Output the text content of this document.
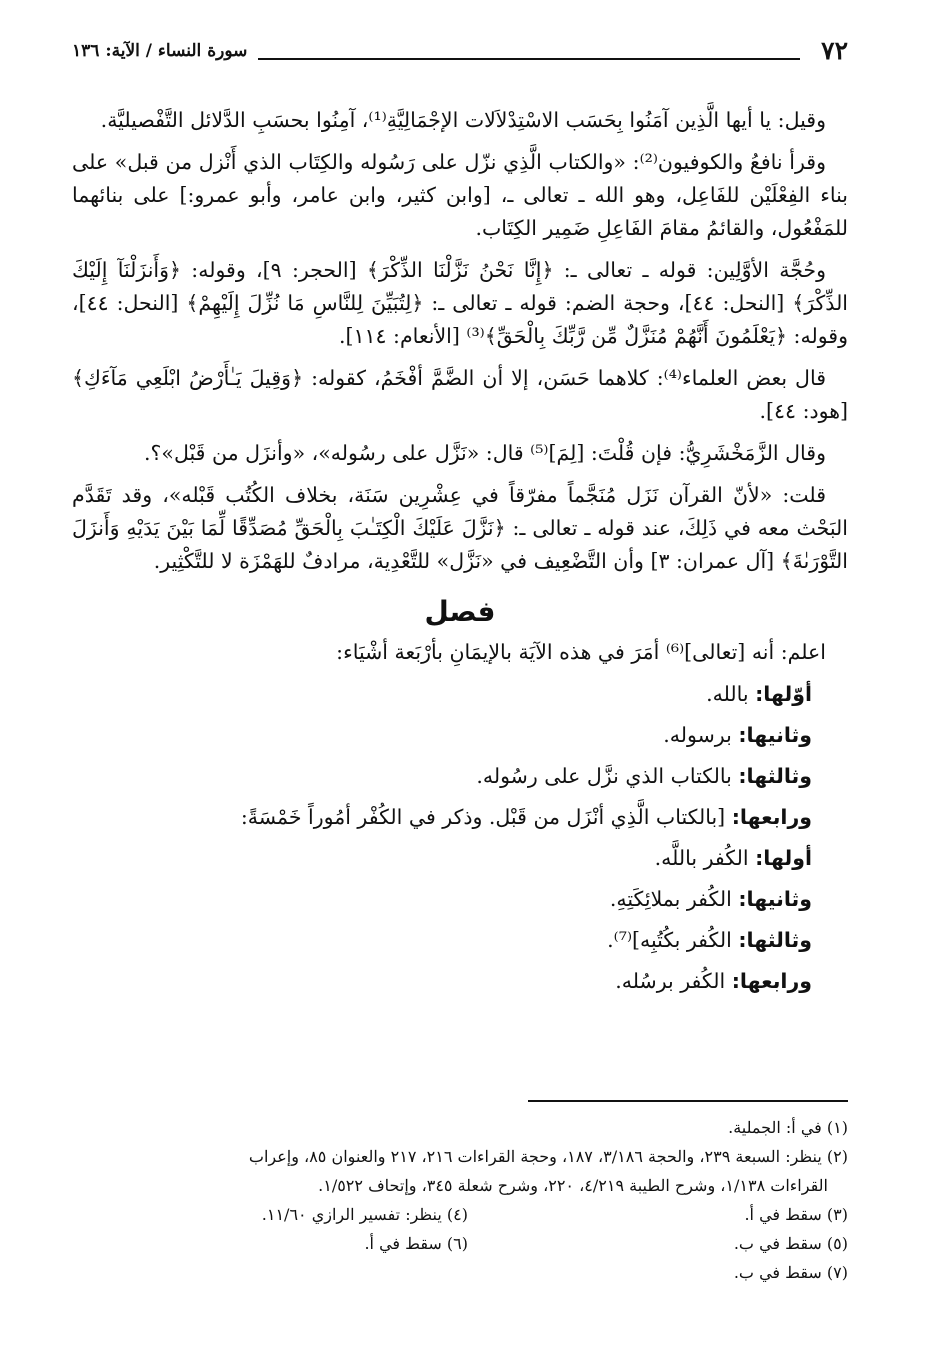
٧٢
سورة النساء / الآية: ١٣٦

وقيل: يا أيها الَّذِين آمَنُوا بِحَسَب الاسْتِدْلاَلات الإجْمَالِيَّةِ⁽¹⁾، آمِنُوا بحسَبِ الدَّلائل التَّفْصيليَّة.

وقرأ نافعُ والكوفيون⁽²⁾: «والكتاب الَّذِي نزّل على رَسُوله والكِتَاب الذي أَنْزل من قبل» على بناء الفِعْلَيْن للفَاعِل، وهو الله ـ تعالى ـ، [وابن كثير، وابن عامر، وأبو عمرو:] على بنائهما للمَفْعُول، والقائمُ مقامَ الفَاعِلِ ضَمِير الكِتَاب.

وحُجَّة الأوَّلِين: قوله ـ تعالى ـ: ﴿إِنَّا نَحْنُ نَزَّلْنَا الذِّكْرَ﴾ [الحجر: ٩]، وقوله: ﴿وَأَنزَلْنَآ إِلَيْكَ الذِّكْرَ﴾ [النحل: ٤٤]، وحجة الضم: قوله ـ تعالى ـ: ﴿لِتُبَيِّنَ لِلنَّاسِ مَا نُزِّلَ إِلَيْهِمْ﴾ [النحل: ٤٤]، وقوله: ﴿يَعْلَمُونَ أَنَّهُمْ مُنَزَّلٌ مِّن رَّبِّكَ بِالْحَقِّ﴾⁽³⁾ [الأنعام: ١١٤].

قال بعض العلماء⁽⁴⁾: كلاهما حَسَن، إلا أن الضَّمَّ أفْخَمُ، كقوله: ﴿وَقِيلَ يَـٰأَرْضُ ابْلَعِي مَآءَكِ﴾ [هود: ٤٤].

وقال الزَّمَخْشَرِيُّ: فإن قُلْتَ: [لِمَ]⁽⁵⁾ قال: «نَزَّل على رسُوله»، «وأنزَل من قَبْل»؟.

قلت: «لأنّ القرآن نَزَل مُنَجَّماً مفرّقاً في عِشْرِين سَنَة، بخلاف الكُتُب قَبْله»، وقد تَقَدَّم البَحْث معه في ذَلِكَ، عند قوله ـ تعالى ـ: ﴿نَزَّلَ عَلَيْكَ الْكِتَـٰبَ بِالْحَقِّ مُصَدِّقًا لِّمَا بَيْنَ يَدَيْهِ وَأَنزَلَ التَّوْرَىٰةَ﴾ [آل عمران: ٣] وأن التَّضْعِيف في «نَزَّل» للتَّعْدِية، مرادفٌ للهَمْزَة لا للتَّكْثِير.

فصل

اعلم: أنه [تعالى]⁽⁶⁾ أمَرَ في هذه الآيَة بالإيمَانِ بأرْبَعة أشْيَاء:

أوّلها: بالله.
وثانيها: برسوله.
وثالثها: بالكتاب الذي نزَّل على رسُوله.
ورابعها: [بالكتاب الَّذِي أنْزَل من قَبْل. وذكر في الكُفْر أمُوراً خَمْسَةً:
أولها: الكُفر باللَّه.
وثانيها: الكُفر بملائِكَتِهِ.
وثالثها: الكُفر بكُتُبِه]⁽⁷⁾.
ورابعها: الكُفر برسُله.
(١) في أ: الجملية.
(٢) ينظر: السبعة ٢٣٩، والحجة ٣/١٨٦، ١٨٧، وحجة القراءات ٢١٦، ٢١٧ والعنوان ٨٥، وإعراب
القراءات ١/١٣٨، وشرح الطيبة ٤/٢١٩، ٢٢٠، وشرح شعلة ٣٤٥، وإتحاف ١/٥٢٢.
(٣) سقط في أ.
(٤) ينظر: تفسير الرازي ١١/٦٠.
(٥) سقط في ب.
(٦) سقط في أ.
(٧) سقط في ب.
